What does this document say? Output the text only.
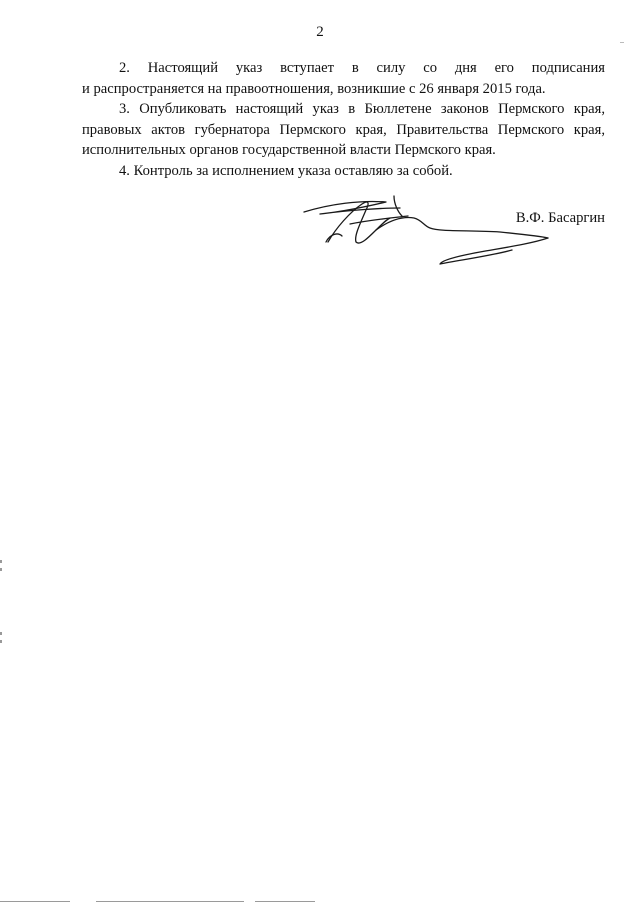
2

2. Настоящий указ вступает в силу со дня его подписания
и распространяется на правоотношения, возникшие с 26 января 2015 года.

3. Опубликовать настоящий указ в Бюллетене законов Пермского края,
правовых актов губернатора Пермского края, Правительства Пермского края,
исполнительных органов государственной власти Пермского края.

4. Контроль за исполнением указа оставляю за собой.

В.Ф. Басаргин
